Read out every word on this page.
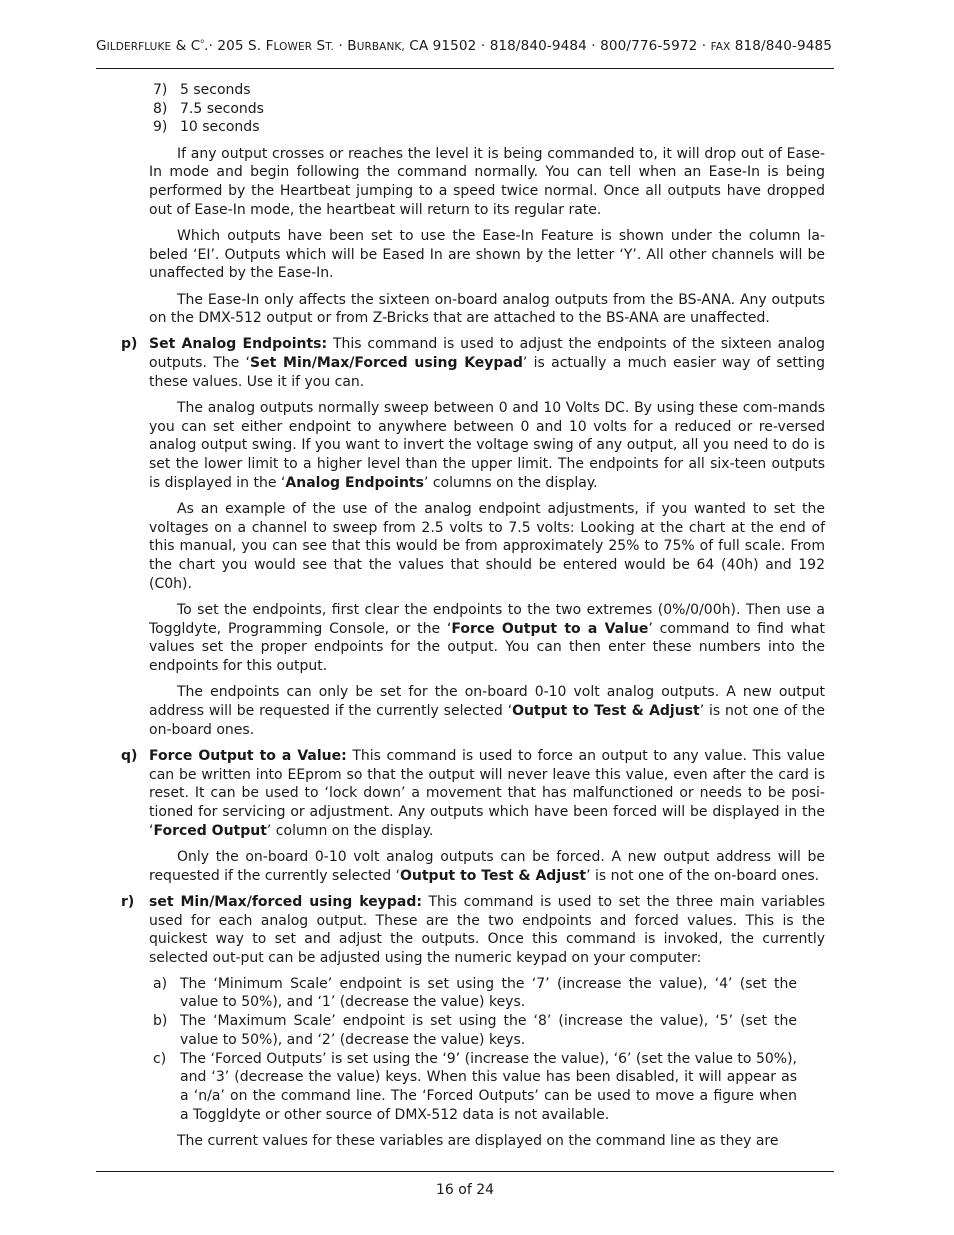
GILDERFLUKE & $C^o.\cdot 205$ S. FLOWER ST. · BURBANK, CA 91502 · 818/840-9484 · 800/776-5972 · FAX 818/840-9485
7) 5 seconds
8) 7.5 seconds
9) 10 seconds

If any output crosses or reaches the level it is being commanded to, it will drop out of Ease-In mode and begin following the command normally. You can tell when an Ease-In is being performed by the Heartbeat jumping to a speed twice normal. Once all outputs have dropped out of Ease-In mode, the heartbeat will return to its regular rate.

Which outputs have been set to use the Ease-In Feature is shown under the column la-beled ‘EI’. Outputs which will be Eased In are shown by the letter ‘Y’. All other channels will be unaffected by the Ease-In.

The Ease-In only affects the sixteen on-board analog outputs from the BS-ANA. Any outputs on the DMX-512 output or from Z-Bricks that are attached to the BS-ANA are unaffected.

p) Set Analog Endpoints: This command is used to adjust the endpoints of the sixteen analog outputs. The ‘Set Min/Max/Forced using Keypad’ is actually a much easier way of setting these values. Use it if you can.

The analog outputs normally sweep between 0 and 10 Volts DC. By using these com-mands you can set either endpoint to anywhere between 0 and 10 volts for a reduced or re-versed analog output swing. If you want to invert the voltage swing of any output, all you need to do is set the lower limit to a higher level than the upper limit. The endpoints for all six-teen outputs is displayed in the ‘Analog Endpoints’ columns on the display.

As an example of the use of the analog endpoint adjustments, if you wanted to set the voltages on a channel to sweep from 2.5 volts to 7.5 volts: Looking at the chart at the end of this manual, you can see that this would be from approximately 25% to 75% of full scale. From the chart you would see that the values that should be entered would be 64 (40h) and 192 (C0h).

To set the endpoints, first clear the endpoints to the two extremes (0%/0/00h). Then use a Toggldyte, Programming Console, or the ‘Force Output to a Value’ command to find what values set the proper endpoints for the output. You can then enter these numbers into the endpoints for this output.

The endpoints can only be set for the on-board 0-10 volt analog outputs. A new output address will be requested if the currently selected ‘Output to Test & Adjust’ is not one of the on-board ones.

q) Force Output to a Value: This command is used to force an output to any value. This value can be written into EEprom so that the output will never leave this value, even after the card is reset. It can be used to ‘lock down’ a movement that has malfunctioned or needs to be posi-tioned for servicing or adjustment. Any outputs which have been forced will be displayed in the ‘Forced Output’ column on the display.

Only the on-board 0-10 volt analog outputs can be forced. A new output address will be requested if the currently selected ‘Output to Test & Adjust’ is not one of the on-board ones.

r) set Min/Max/forced using keypad: This command is used to set the three main variables used for each analog output. These are the two endpoints and forced values. This is the quickest way to set and adjust the outputs. Once this command is invoked, the currently selected out-put can be adjusted using the numeric keypad on your computer:
a) The ‘Minimum Scale’ endpoint is set using the ‘7’ (increase the value), ‘4’ (set the value to 50%), and ‘1’ (decrease the value) keys.
b) The ‘Maximum Scale’ endpoint is set using the ‘8’ (increase the value), ‘5’ (set the value to 50%), and ‘2’ (decrease the value) keys.
c) The ‘Forced Outputs’ is set using the ‘9’ (increase the value), ‘6’ (set the value to 50%), and ‘3’ (decrease the value) keys. When this value has been disabled, it will appear as a ‘n/a’ on the command line. The ‘Forced Outputs’ can be used to move a figure when a Toggldyte or other source of DMX-512 data is not available.

The current values for these variables are displayed on the command line as they are

16 of 24
